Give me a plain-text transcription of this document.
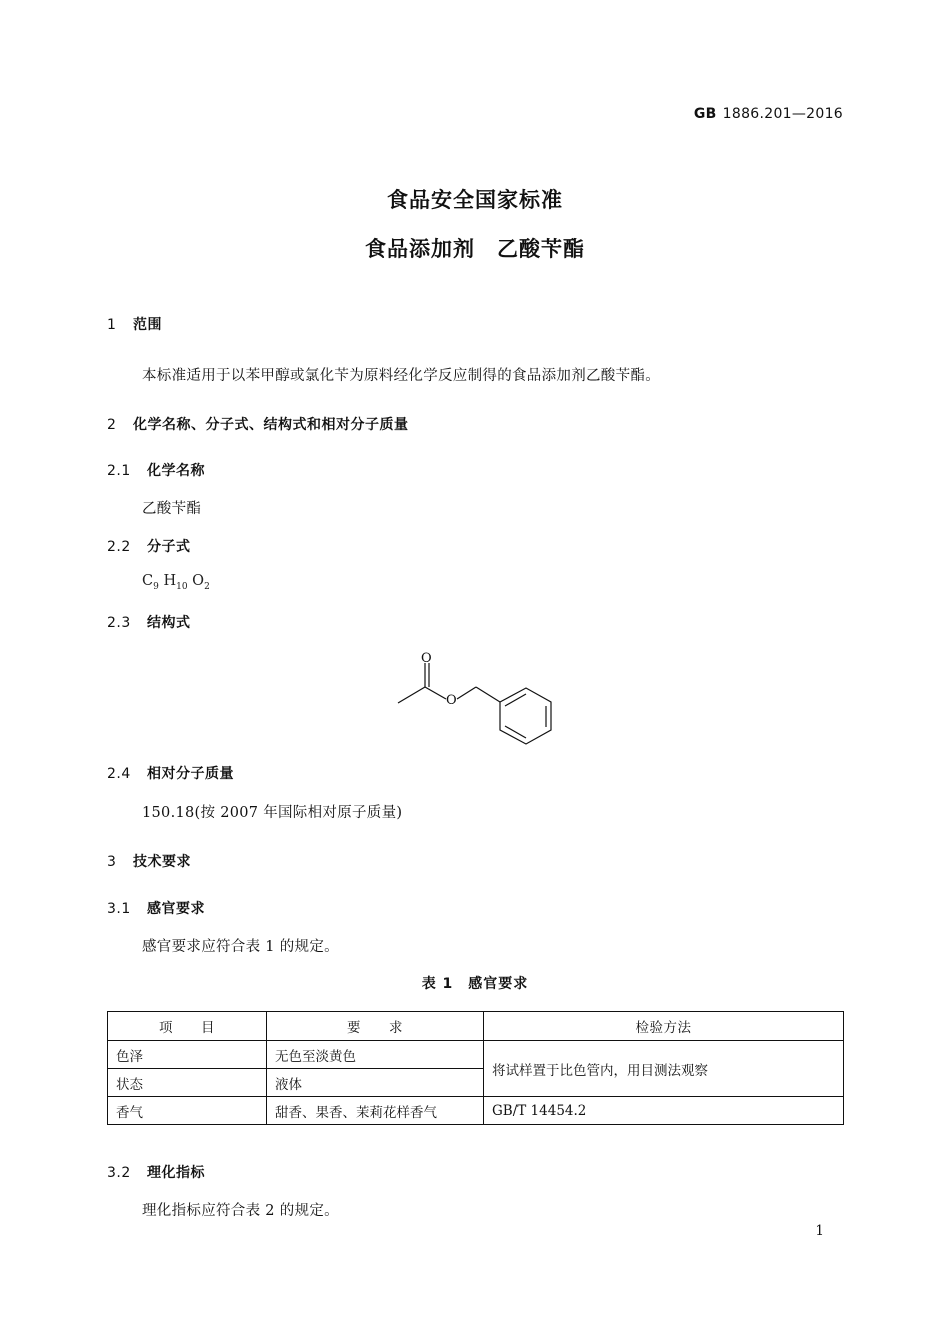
GB 1886.201—2016
食品安全国家标准
食品添加剂　乙酸苄酯
1 范围
本标准适用于以苯甲醇或氯化苄为原料经化学反应制得的食品添加剂乙酸苄酯。
2 化学名称、分子式、结构式和相对分子质量
2.1 化学名称
乙酸苄酯
2.2 分子式
$C_9$ $H_{10}$ $O_2$
2.3 结构式
O
O
2.4 相对分子质量
150.18(按 2007 年国际相对原子质量)
3 技术要求
3.1 感官要求
感官要求应符合表 1 的规定。
表 1　感官要求
项　　目	要　　求	检验方法
色泽	无色至淡黄色	将试样置于比色管内，用目测法观察
状态	液体	
香气	甜香、果香、茉莉花样香气	GB/T 14454.2
3.2 理化指标
理化指标应符合表 2 的规定。
1
